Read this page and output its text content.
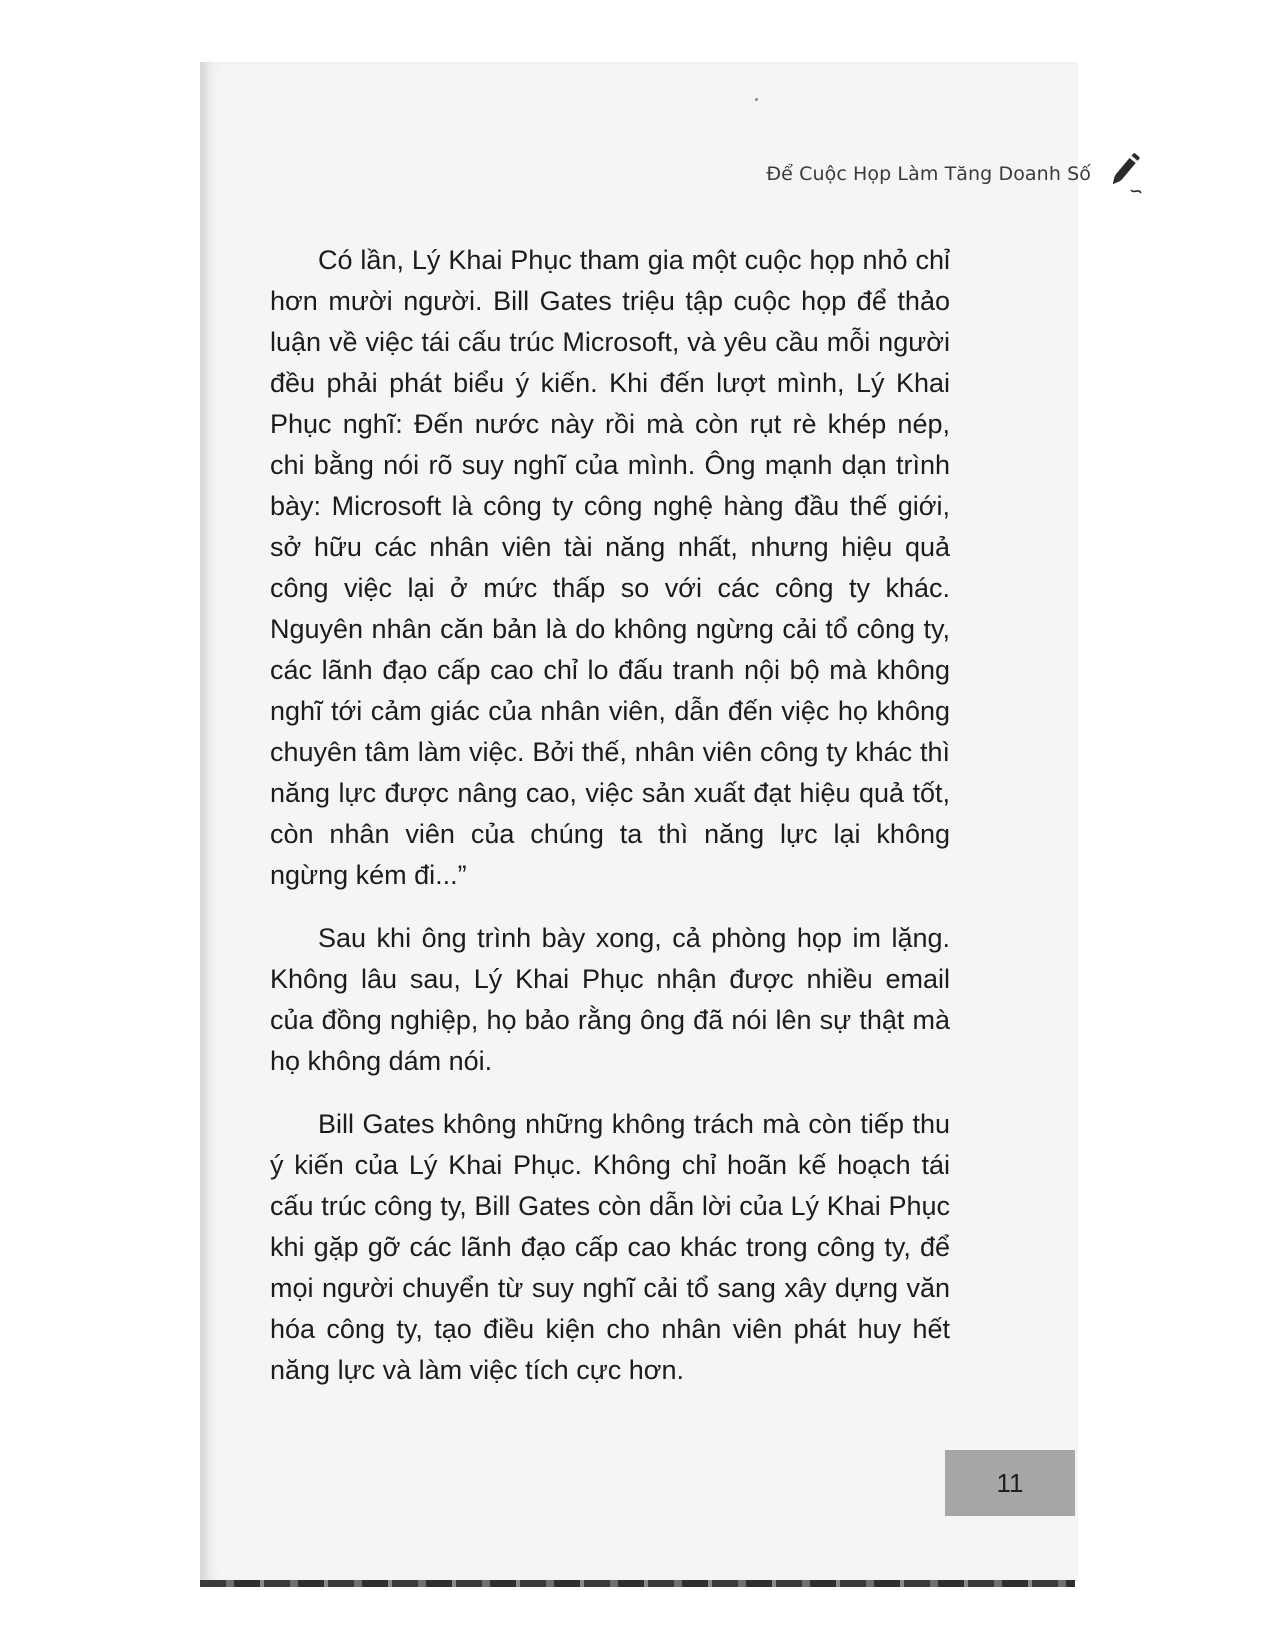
Để Cuộc Họp Làm Tăng Doanh Số

Có lần, Lý Khai Phục tham gia một cuộc họp nhỏ chỉ hơn mười người. Bill Gates triệu tập cuộc họp để thảo luận về việc tái cấu trúc Microsoft, và yêu cầu mỗi người đều phải phát biểu ý kiến. Khi đến lượt mình, Lý Khai Phục nghĩ: Đến nước này rồi mà còn rụt rè khép nép, chi bằng nói rõ suy nghĩ của mình. Ông mạnh dạn trình bày: Microsoft là công ty công nghệ hàng đầu thế giới, sở hữu các nhân viên tài năng nhất, nhưng hiệu quả công việc lại ở mức thấp so với các công ty khác. Nguyên nhân căn bản là do không ngừng cải tổ công ty, các lãnh đạo cấp cao chỉ lo đấu tranh nội bộ mà không nghĩ tới cảm giác của nhân viên, dẫn đến việc họ không chuyên tâm làm việc. Bởi thế, nhân viên công ty khác thì năng lực được nâng cao, việc sản xuất đạt hiệu quả tốt, còn nhân viên của chúng ta thì năng lực lại không ngừng kém đi...”

Sau khi ông trình bày xong, cả phòng họp im lặng. Không lâu sau, Lý Khai Phục nhận được nhiều email của đồng nghiệp, họ bảo rằng ông đã nói lên sự thật mà họ không dám nói.

Bill Gates không những không trách mà còn tiếp thu ý kiến của Lý Khai Phục. Không chỉ hoãn kế hoạch tái cấu trúc công ty, Bill Gates còn dẫn lời của Lý Khai Phục khi gặp gỡ các lãnh đạo cấp cao khác trong công ty, để mọi người chuyển từ suy nghĩ cải tổ sang xây dựng văn hóa công ty, tạo điều kiện cho nhân viên phát huy hết năng lực và làm việc tích cực hơn.

11
